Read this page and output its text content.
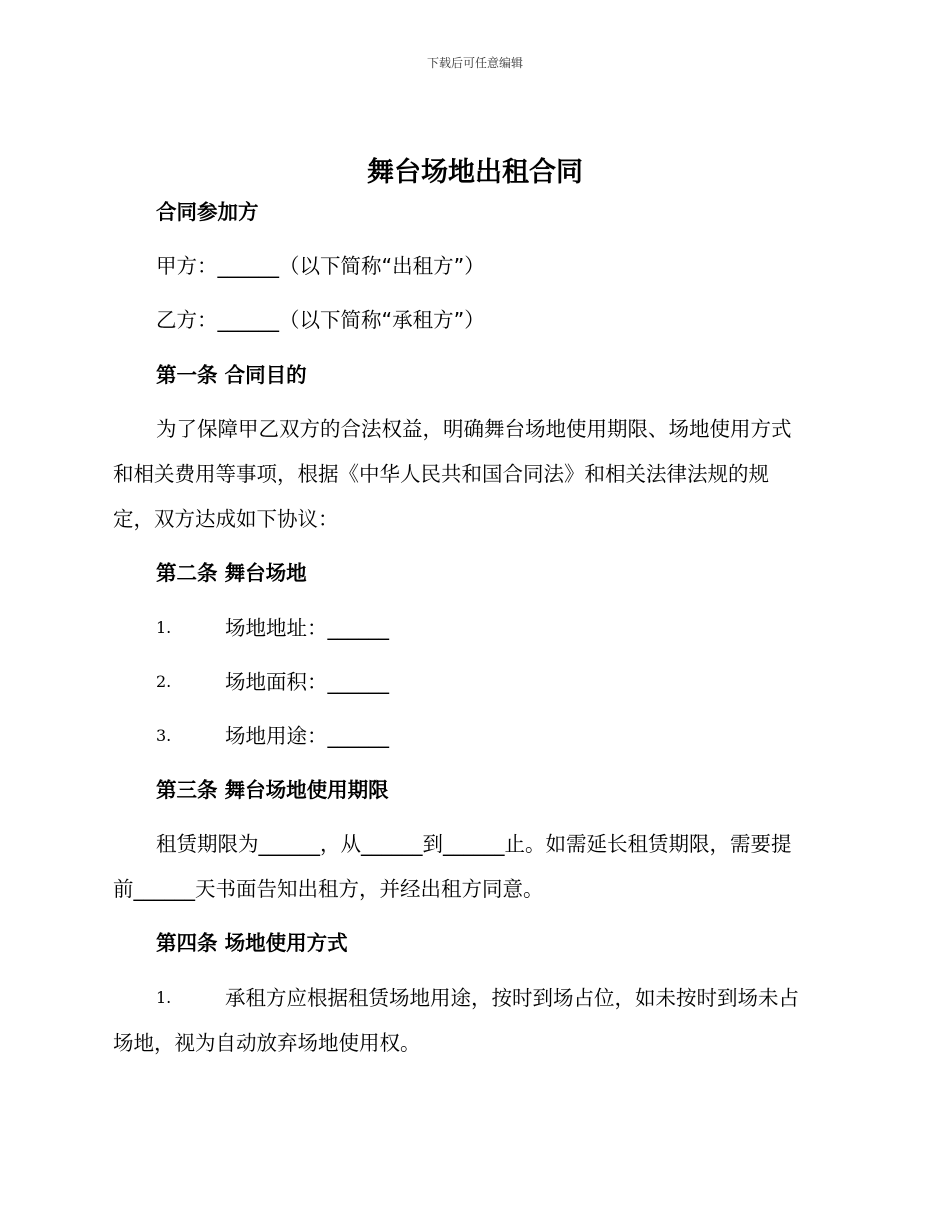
下载后可任意编辑
舞台场地出租合同
合同参加方
甲方：______（以下简称“出租方”）
乙方：______（以下简称“承租方”）
第一条 合同目的
为了保障甲乙双方的合法权益，明确舞台场地使用期限、场地使用方式
和相关费用等事项，根据《中华人民共和国合同法》和相关法律法规的规
定，双方达成如下协议：
第二条 舞台场地
1.	场地地址：______
2.	场地面积：______
3.	场地用途：______
第三条 舞台场地使用期限
租赁期限为______，从______到______止。如需延长租赁期限，需要提
前______天书面告知出租方，并经出租方同意。
第四条 场地使用方式
1.	承租方应根据租赁场地用途，按时到场占位，如未按时到场未占
场地，视为自动放弃场地使用权。
